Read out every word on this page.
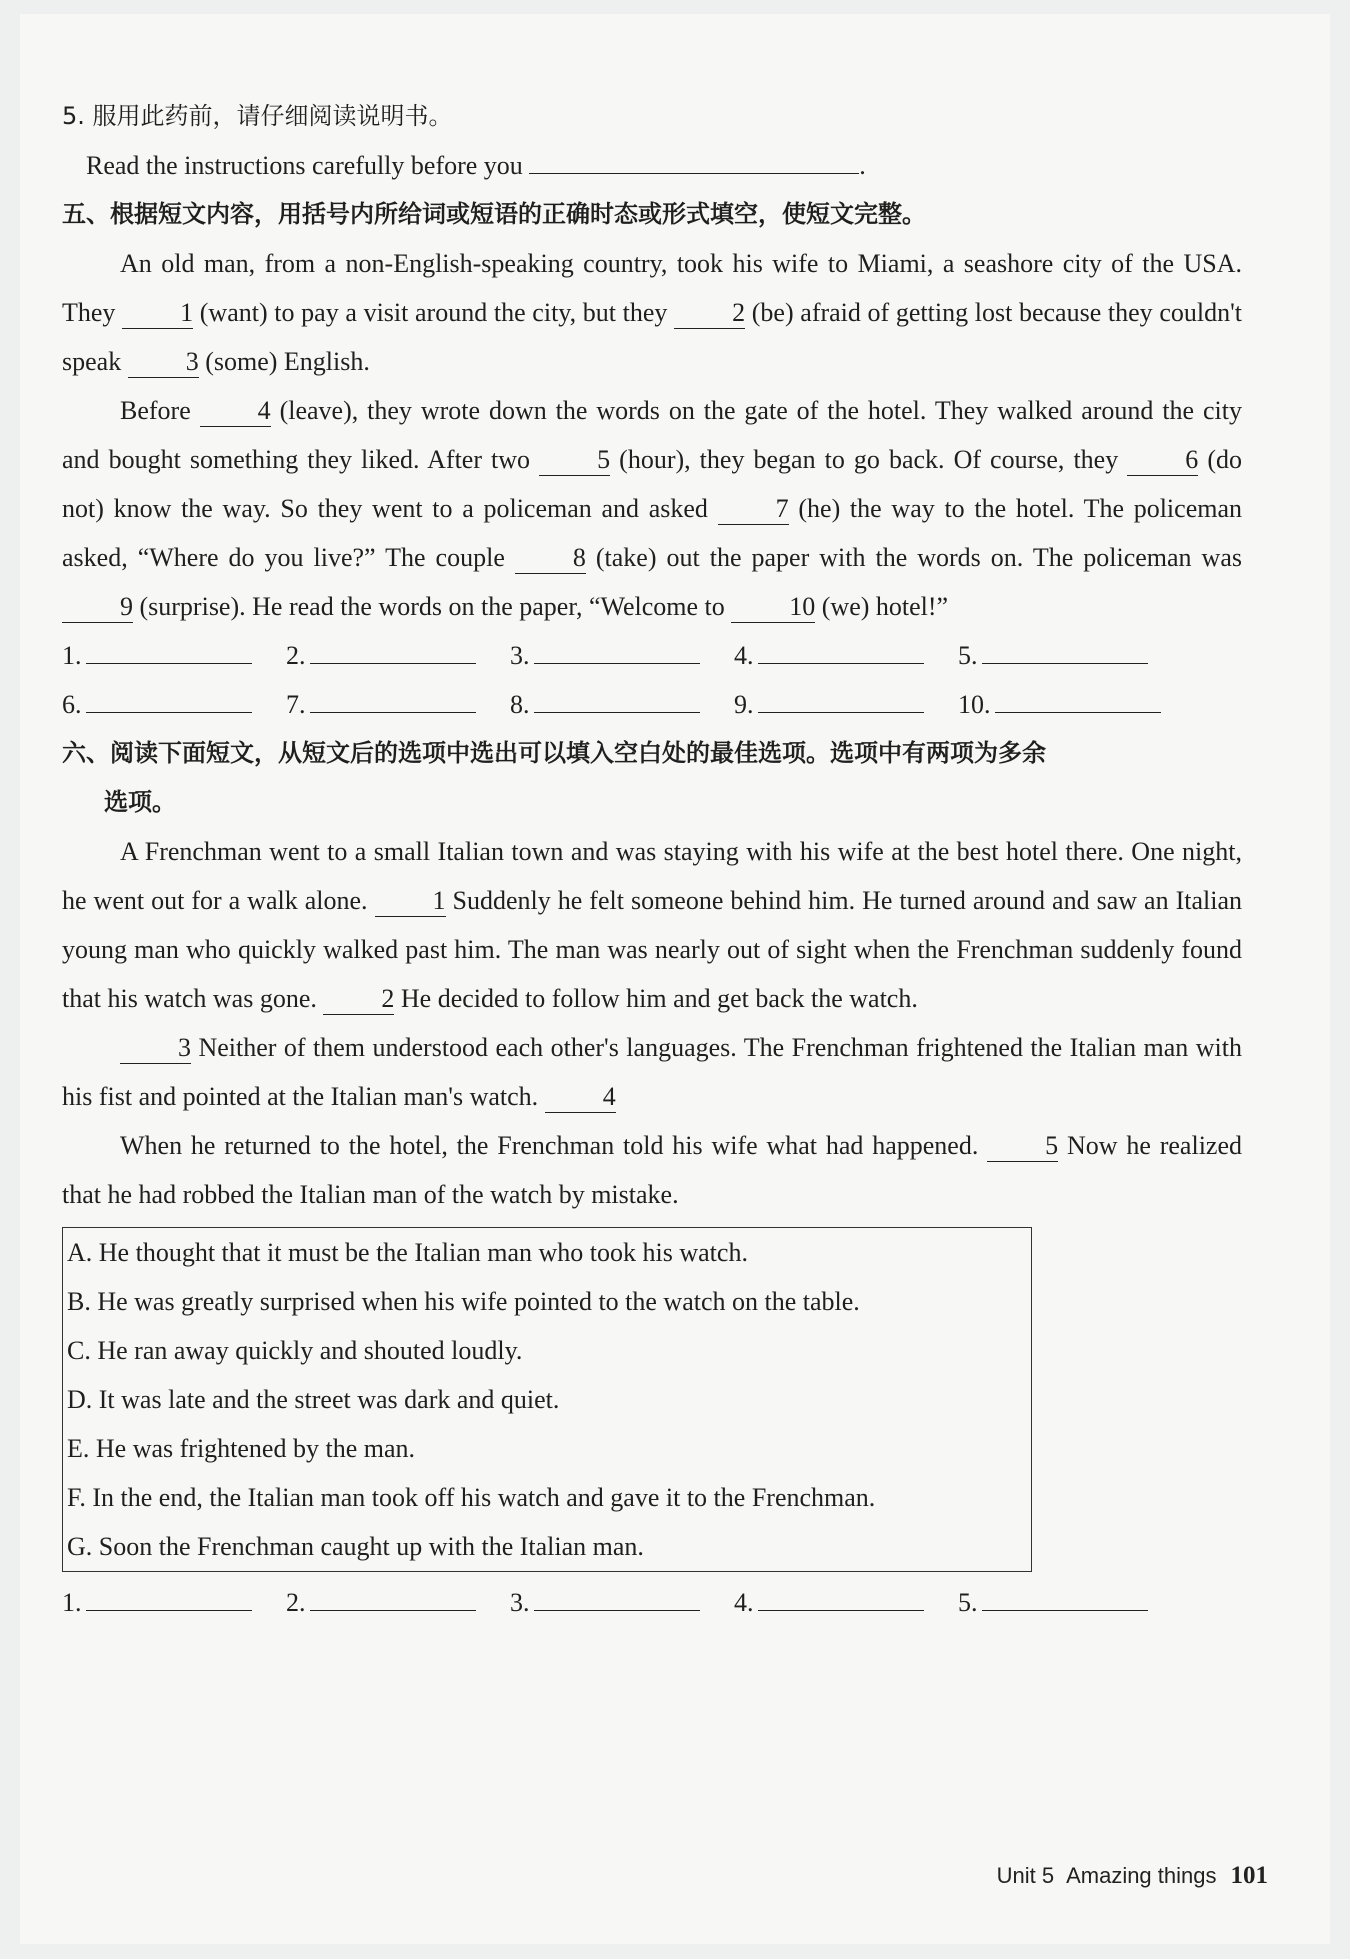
5. 服用此药前，请仔细阅读说明书。

Read the instructions carefully before you	.

五、根据短文内容，用括号内所给词或短语的正确时态或形式填空，使短文完整。

An old man, from a non-English-speaking country, took his wife to Miami, a seashore city of the USA. They 1 (want) to pay a visit around the city, but they 2 (be) afraid of getting lost because they couldn't speak 3 (some) English.

Before 4 (leave), they wrote down the words on the gate of the hotel. They walked around the city and bought something they liked. After two 5 (hour), they began to go back. Of course, they 6 (do not) know the way. So they went to a policeman and asked 7 (he) the way to the hotel. The policeman asked, “Where do you live?” The couple 8 (take) out the paper with the words on. The policeman was 9 (surprise). He read the words on the paper, “Welcome to 10 (we) hotel!”

1.	2.	3.	4.	5.
6.	7.	8.	9.	10.

六、阅读下面短文，从短文后的选项中选出可以填入空白处的最佳选项。选项中有两项为多余

选项。

A Frenchman went to a small Italian town and was staying with his wife at the best hotel there. One night, he went out for a walk alone. 1 Suddenly he felt someone behind him. He turned around and saw an Italian young man who quickly walked past him. The man was nearly out of sight when the Frenchman suddenly found that his watch was gone. 2 He decided to follow him and get back the watch.

3 Neither of them understood each other's languages. The Frenchman frightened the Italian man with his fist and pointed at the Italian man's watch. 4

When he returned to the hotel, the Frenchman told his wife what had happened. 5 Now he realized that he had robbed the Italian man of the watch by mistake.

A. He thought that it must be the Italian man who took his watch.
B. He was greatly surprised when his wife pointed to the watch on the table.
C. He ran away quickly and shouted loudly.
D. It was late and the street was dark and quiet.
E. He was frightened by the man.
F. In the end, the Italian man took off his watch and gave it to the Frenchman.
G. Soon the Frenchman caught up with the Italian man.
1.	2.	3.	4.	5.
Unit 5 Amazing things 101
